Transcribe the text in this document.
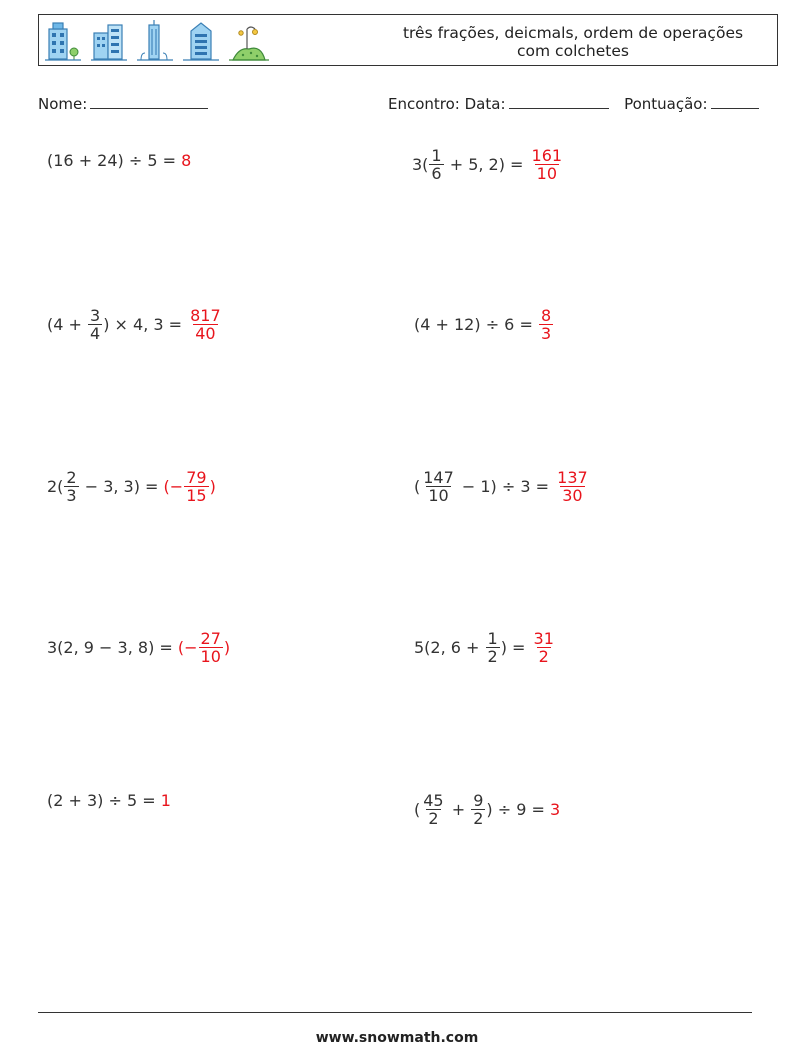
três frações, deicmals, ordem de operações
com colchetes
Nome:	Encontro: Data:	Pontuação:
(16 + 24) ÷ 5 = 8	$3( \frac{1}{6} + 5$, $2) = \frac{161}{10}$
($4 + \frac{3}{4}$ ) × 4, $3 = \frac{817}{40}$	$(4 + 12) \div 6 = \frac{8}{3}$
$2( \frac{2}{3} - 3$, 3) = (− $\frac{79}{15}$ )	( $\frac{147}{10} - 1) \div 3 = \frac{137}{30}$
3(2, 9 − 3, 8) = (− $\frac{27}{10}$ )	5(2, $6 + \frac{1}{2}$ ) = $\frac{31}{2}$
(2 + 3) ÷ 5 = 1	( $\frac{45}{2} + \frac{9}{2}$ ) ÷ 9 = 3
www.snowmath.com
